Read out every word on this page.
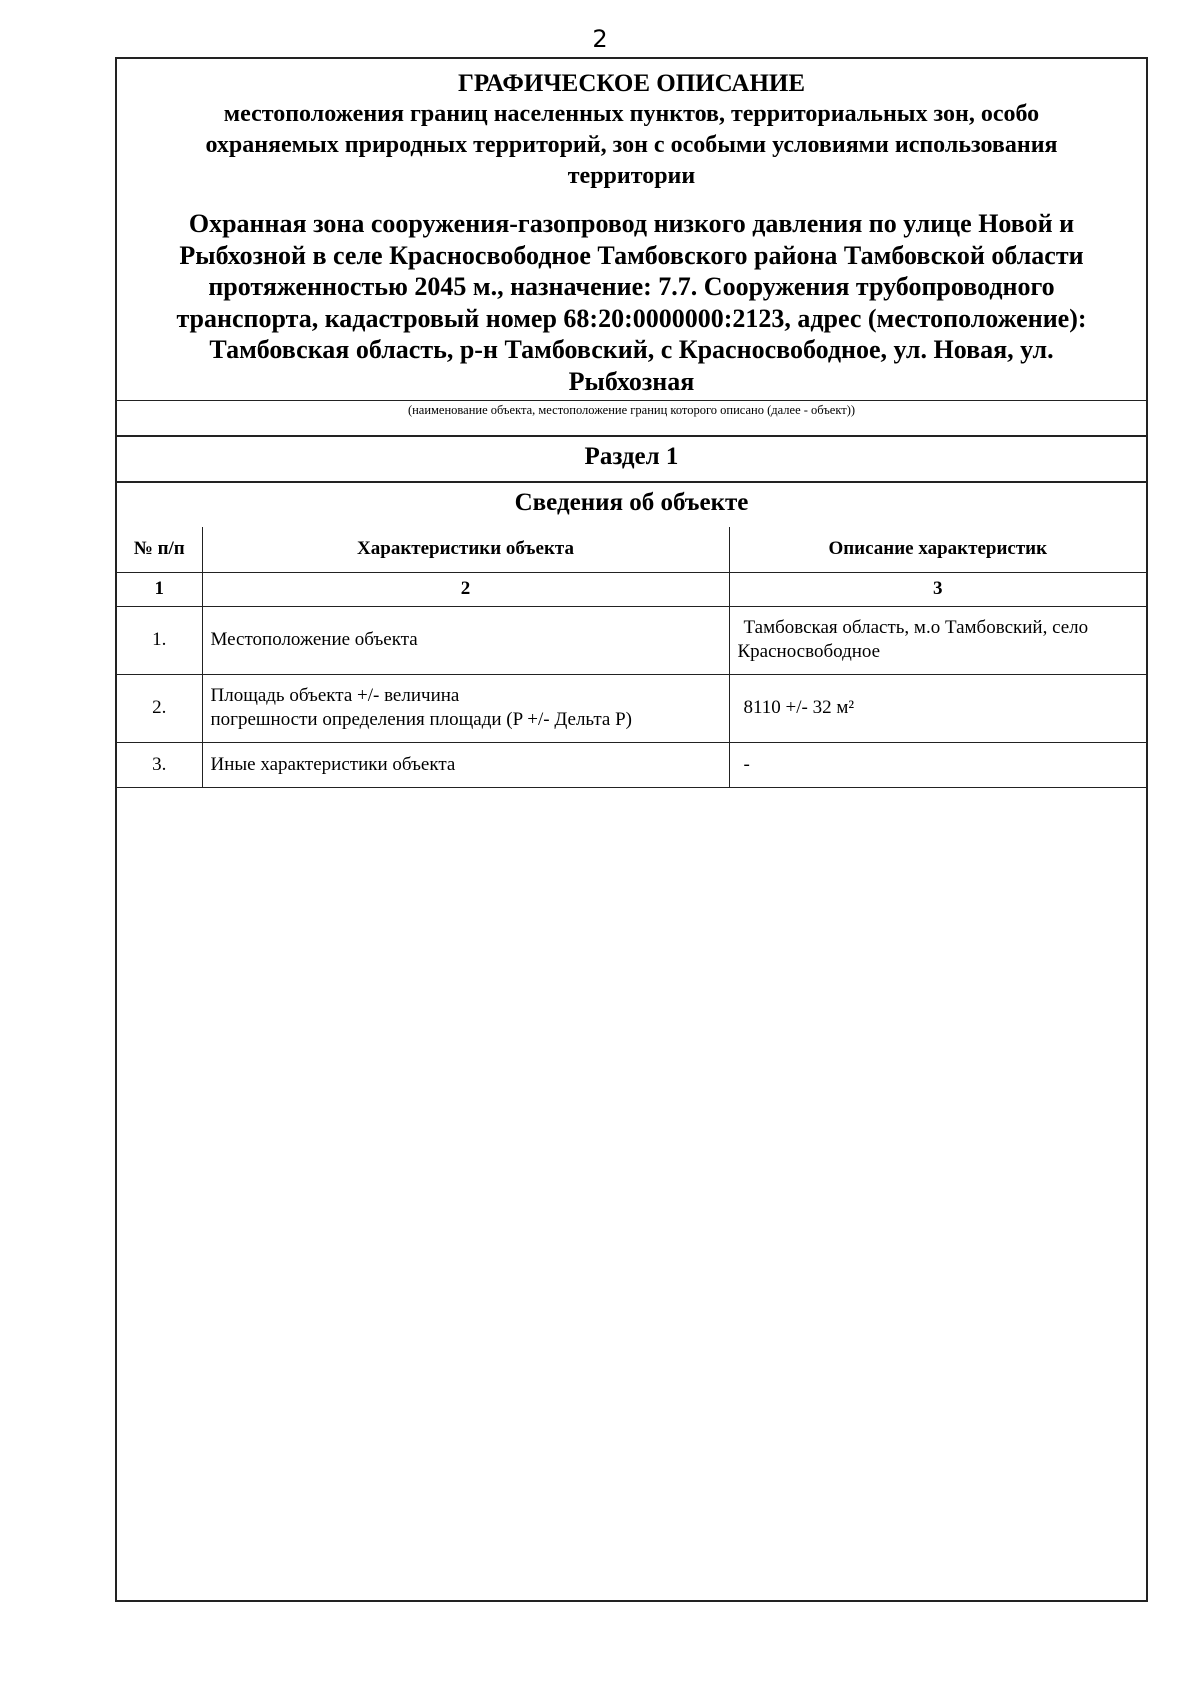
2
ГРАФИЧЕСКОЕ ОПИСАНИЕ
местоположения границ населенных пунктов, территориальных зон, особо
охраняемых природных территорий, зон с особыми условиями использования
территории
Охранная зона сооружения-газопровод низкого давления по улице Новой и
Рыбхозной в селе Красносвободное Тамбовского района Тамбовской области
протяженностью 2045 м., назначение: 7.7. Сооружения трубопроводного
транспорта, кадастровый номер 68:20:0000000:2123, адрес (местоположение):
Тамбовская область, р-н Тамбовский, с Красносвободное, ул. Новая, ул.
Рыбхозная
(наименование объекта, местоположение границ которого описано (далее - объект))
Раздел 1
Сведения об объекте
№ п/п	Характеристики объекта	Описание характеристик
1	2	3
1.	Местоположение объекта	Тамбовская область, м.о Тамбовский, село
Красносвободное

2.	Площадь объекта +/- величина
погрешности определения площади (P +/- Дельта P)	8110 +/- 32 м²

3.	Иные характеристики объекта	-
